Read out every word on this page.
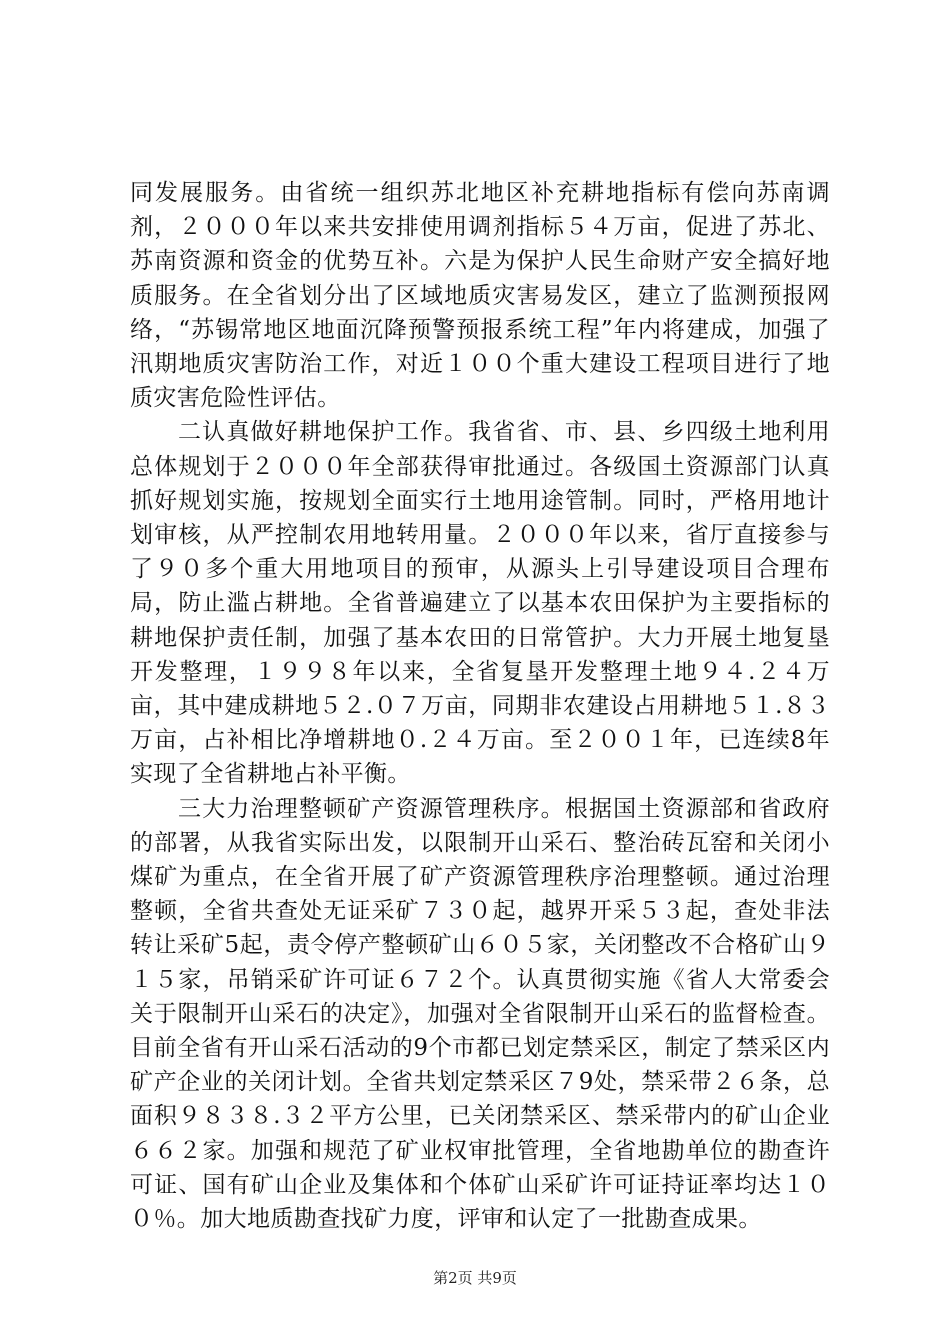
同发展服务。由省统一组织苏北地区补充耕地指标有偿向苏南调剂，２０００年以来共安排使用调剂指标５４万亩，促进了苏北、苏南资源和资金的优势互补。六是为保护人民生命财产安全搞好地质服务。在全省划分出了区域地质灾害易发区，建立了监测预报网络，“苏锡常地区地面沉降预警预报系统工程”年内将建成，加强了汛期地质灾害防治工作，对近１００个重大建设工程项目进行了地质灾害危险性评估。

二认真做好耕地保护工作。我省省、市、县、乡四级土地利用总体规划于２０００年全部获得审批通过。各级国土资源部门认真抓好规划实施，按规划全面实行土地用途管制。同时，严格用地计划审核，从严控制农用地转用量。２０００年以来，省厅直接参与了９０多个重大用地项目的预审，从源头上引导建设项目合理布局，防止滥占耕地。全省普遍建立了以基本农田保护为主要指标的耕地保护责任制，加强了基本农田的日常管护。大力开展土地复垦开发整理，１９９８年以来，全省复垦开发整理土地９４.２４万亩，其中建成耕地５２.０７万亩，同期非农建设占用耕地５１.８３万亩，占补相比净增耕地０.２４万亩。至２００１年，已连续8年实现了全省耕地占补平衡。

三大力治理整顿矿产资源管理秩序。根据国土资源部和省政府的部署，从我省实际出发，以限制开山采石、整治砖瓦窑和关闭小煤矿为重点，在全省开展了矿产资源管理秩序治理整顿。通过治理整顿，全省共查处无证采矿７３０起，越界开采５３起，查处非法转让采矿5起，责令停产整顿矿山６０５家，关闭整改不合格矿山９１５家，吊销采矿许可证６７２个。认真贯彻实施《省人大常委会关于限制开山采石的决定》，加强对全省限制开山采石的监督检查。目前全省有开山采石活动的9个市都已划定禁采区，制定了禁采区内矿产企业的关闭计划。全省共划定禁采区７9处，禁采带２６条，总面积９８３８.３２平方公里，已关闭禁采区、禁采带内的矿山企业６６２家。加强和规范了矿业权审批管理，全省地勘单位的勘查许可证、国有矿山企业及集体和个体矿山采矿许可证持证率均达１００％。加大地质勘查找矿力度，评审和认定了一批勘查成果。

第2页 共9页
